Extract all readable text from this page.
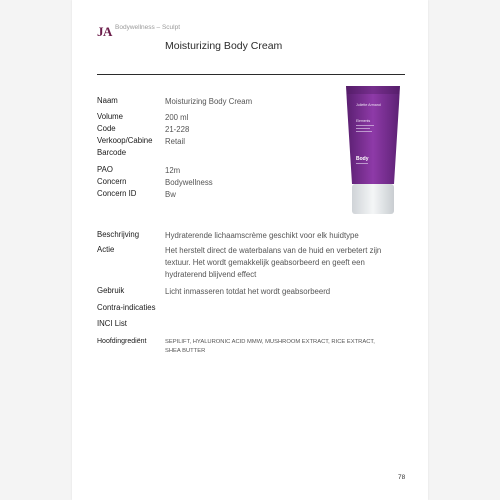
JA Bodywellness – Sculpt
Moisturizing Body Cream
Naam	Moisturizing Body Cream
Volume	200 ml
Code	21-228
Verkoop/Cabine Retail
Barcode
PAO	12m
Concern	Bodywellness
Concern ID	Bw
Beschrijving	Hydraterende lichaamscrème geschikt voor elk huidtype
Actie	Het herstelt direct de waterbalans van de huid en verbetert zijn textuur. Het wordt gemakkelijk geabsorbeerd en geeft een hydraterend blijvend effect
Gebruik	Licht inmasseren totdat het wordt geabsorbeerd
Contra-indicaties
INCI List
Hoofdingrediënt	SEPILIFT, HYALURONIC ACID MMW, MUSHROOM EXTRACT, RICE EXTRACT, SHEA BUTTER
Juliette Armand
Elements
Body
78
